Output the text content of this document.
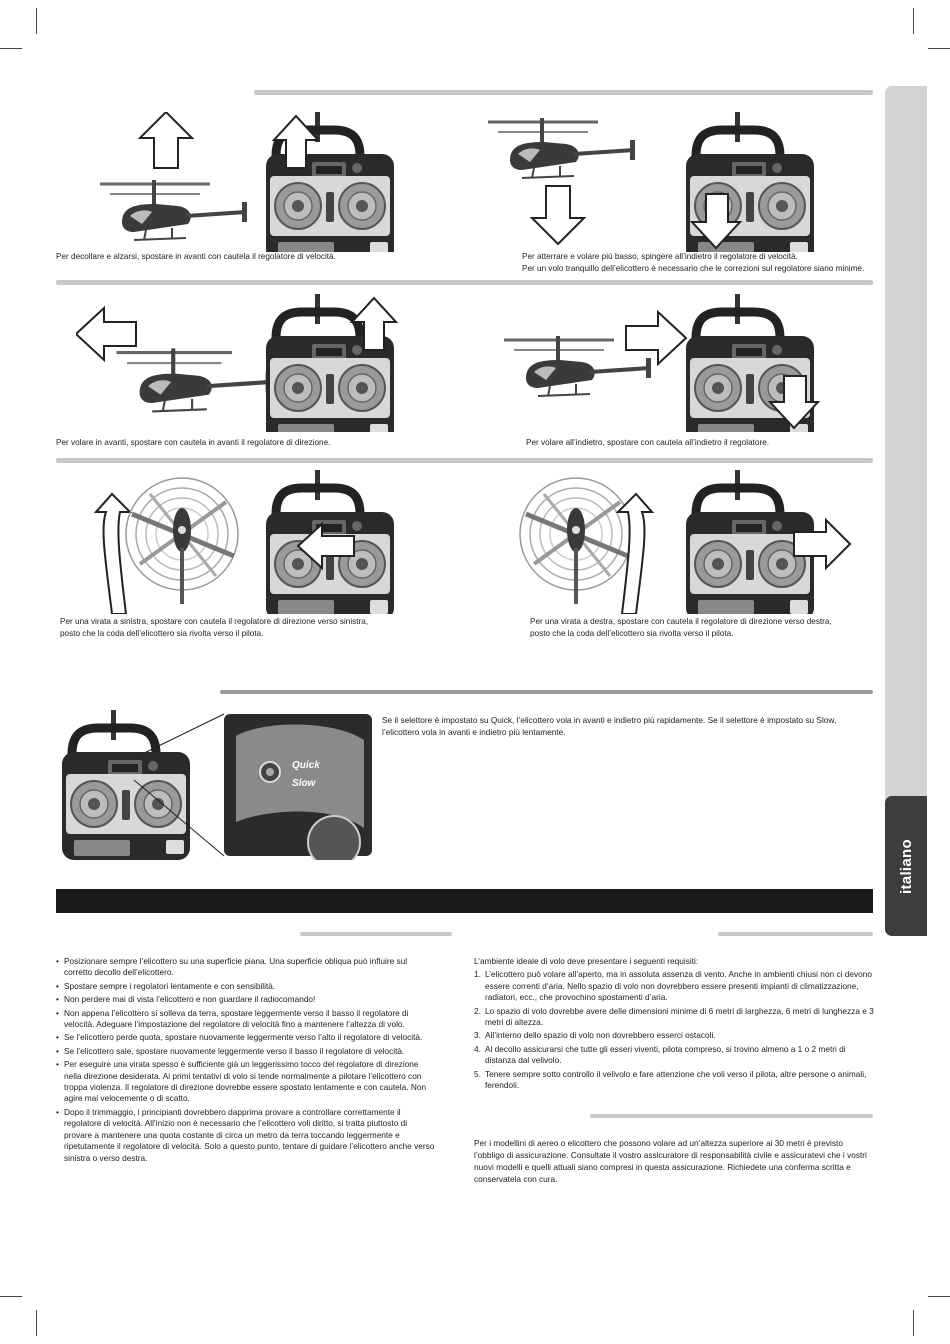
italiano
Per decollare e alzarsi, spostare in avanti con cautela il regolatore di velocità.	Per atterrare e volare più basso, spingere all’indietro il regolatore di velocità.
Per un volo tranquillo dell’elicottero è necessario che le correzioni sul regolatore siano minime.
Per volare in avanti, spostare con cautela in avanti il regolatore di direzione.	Per volare all’indietro, spostare con cautela all’indietro il regolatore.
Per una virata a sinistra, spostare con cautela il regolatore di direzione verso sinistra,
posto che la coda dell’elicottero sia rivolta verso il pilota.
Per una virata a destra, spostare con cautela il regolatore di direzione verso destra,
posto che la coda dell’elicottero sia rivolta verso il pilota.
Quick
Slow
Se il selettore è impostato su Quick, l’elicottero vola in avanti e indietro più rapidamente. Se il selettore è impostato su Slow,
l’elicottero vola in avanti e indietro più lentamente.
• Posizionare sempre l’elicottero su una superficie piana. Una superficie obliqua può influire sul corretto decollo dell’elicottero.
• Spostare sempre i regolatori lentamente e con sensibilità.
• Non perdere mai di vista l’elicottero e non guardare il radiocomando!
• Non appena l’elicottero si solleva da terra, spostare leggermente verso il basso il regolatore di velocità. Adeguare l’impostazione del regolatore di velocità fino a mantenere l’altezza di volo.
• Se l’elicottero perde quota, spostare nuovamente leggermente verso l’alto il regolatore di velocità.
• Se l’elicottero sale, spostare nuovamente leggermente verso il basso il regolatore di velocità.
• Per eseguire una virata spesso è sufficiente già un leggerissimo tocco del regolatore di direzione nella direzione desiderata. Ai primi tentativi di volo si tende normalmente a pilotare l’elicottero con troppa violenza. Il regolatore di direzione dovrebbe essere spostato lentamente e con cautela. Non agire mai velocemente o di scatto.
• Dopo il trimmaggio, i principianti dovrebbero dapprima provare a controllare correttamente il regolatore di velocità. All’inizio non è necessario che l’elicottero voli diritto, si tratta piuttosto di provare a mantenere una quota costante di circa un metro da terra toccando leggermente e ripetutamente il regolatore di velocità. Solo a questo punto, tentare di guidare l’elicottero anche verso sinistra o verso destra.
L’ambiente ideale di volo deve presentare i seguenti requisiti:
1. L’elicottero può volare all’aperto, ma in assoluta assenza di vento. Anche in ambienti chiusi non ci devono essere correnti d‘aria. Nello spazio di volo non dovrebbero essere presenti impianti di climatizzazione, radiatori, ecc., che provochino spostamenti d’aria.
2. Lo spazio di volo dovrebbe avere delle dimensioni minime di 6 metri di larghezza, 6 metri di lunghezza e 3 metri di altezza.
3. All’interno dello spazio di volo non dovrebbero esserci ostacoli.
4. Al decollo assicurarsi che tutte gli esseri viventi, pilota compreso, si trovino almeno a 1 o 2 metri di distanza dal velivolo.
5. Tenere sempre sotto controllo il velivolo e fare attenzione che voli verso il pilota, altre persone o animali, ferendoli.
Per i modellini di aereo o elicottero che possono volare ad un’altezza superiore ai 30 metri è previsto l’obbligo di assicurazione. Consultate il vostro assicuratore di responsabilità civile e assicuratevi che i vostri nuovi modelli e quelli attuali siano compresi in questa assicurazione. Richiedete una conferma scritta e conservatela con cura.
